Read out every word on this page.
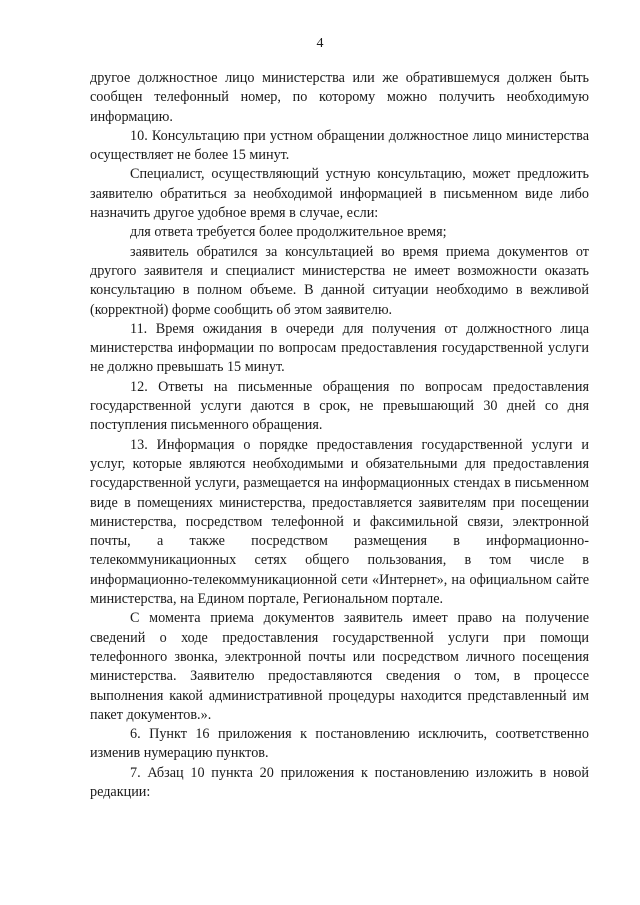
4

другое должностное лицо министерства или же обратившемуся должен быть сообщен телефонный номер, по которому можно получить необходимую информацию.

10. Консультацию при устном обращении должностное лицо министерства осуществляет не более 15 минут.

Специалист, осуществляющий устную консультацию, может предложить заявителю обратиться за необходимой информацией в письменном виде либо назначить другое удобное время в случае, если:

для ответа требуется более продолжительное время;

заявитель обратился за консультацией во время приема документов от другого заявителя и специалист министерства не имеет возможности оказать консультацию в полном объеме. В данной ситуации необходимо в вежливой (корректной) форме сообщить об этом заявителю.

11. Время ожидания в очереди для получения от должностного лица министерства информации по вопросам предоставления государственной услуги не должно превышать 15 минут.

12. Ответы на письменные обращения по вопросам предоставления государственной услуги даются в срок, не превышающий 30 дней со дня поступления письменного обращения.

13. Информация о порядке предоставления государственной услуги и услуг, которые являются необходимыми и обязательными для предоставления государственной услуги, размещается на информационных стендах в письменном виде в помещениях министерства, предоставляется заявителям при посещении министерства, посредством телефонной и факсимильной связи, электронной почты, а также посредством размещения в информационно-телекоммуникационных сетях общего пользования, в том числе в информационно-телекоммуникационной сети «Интернет», на официальном сайте министерства, на Едином портале, Региональном портале.

С момента приема документов заявитель имеет право на получение сведений о ходе предоставления государственной услуги при помощи телефонного звонка, электронной почты или посредством личного посещения министерства. Заявителю предоставляются сведения о том, в процессе выполнения какой административной процедуры находится представленный им пакет документов.».

6. Пункт 16 приложения к постановлению исключить, соответственно изменив нумерацию пунктов.

7. Абзац 10 пункта 20 приложения к постановлению изложить в новой редакции:
